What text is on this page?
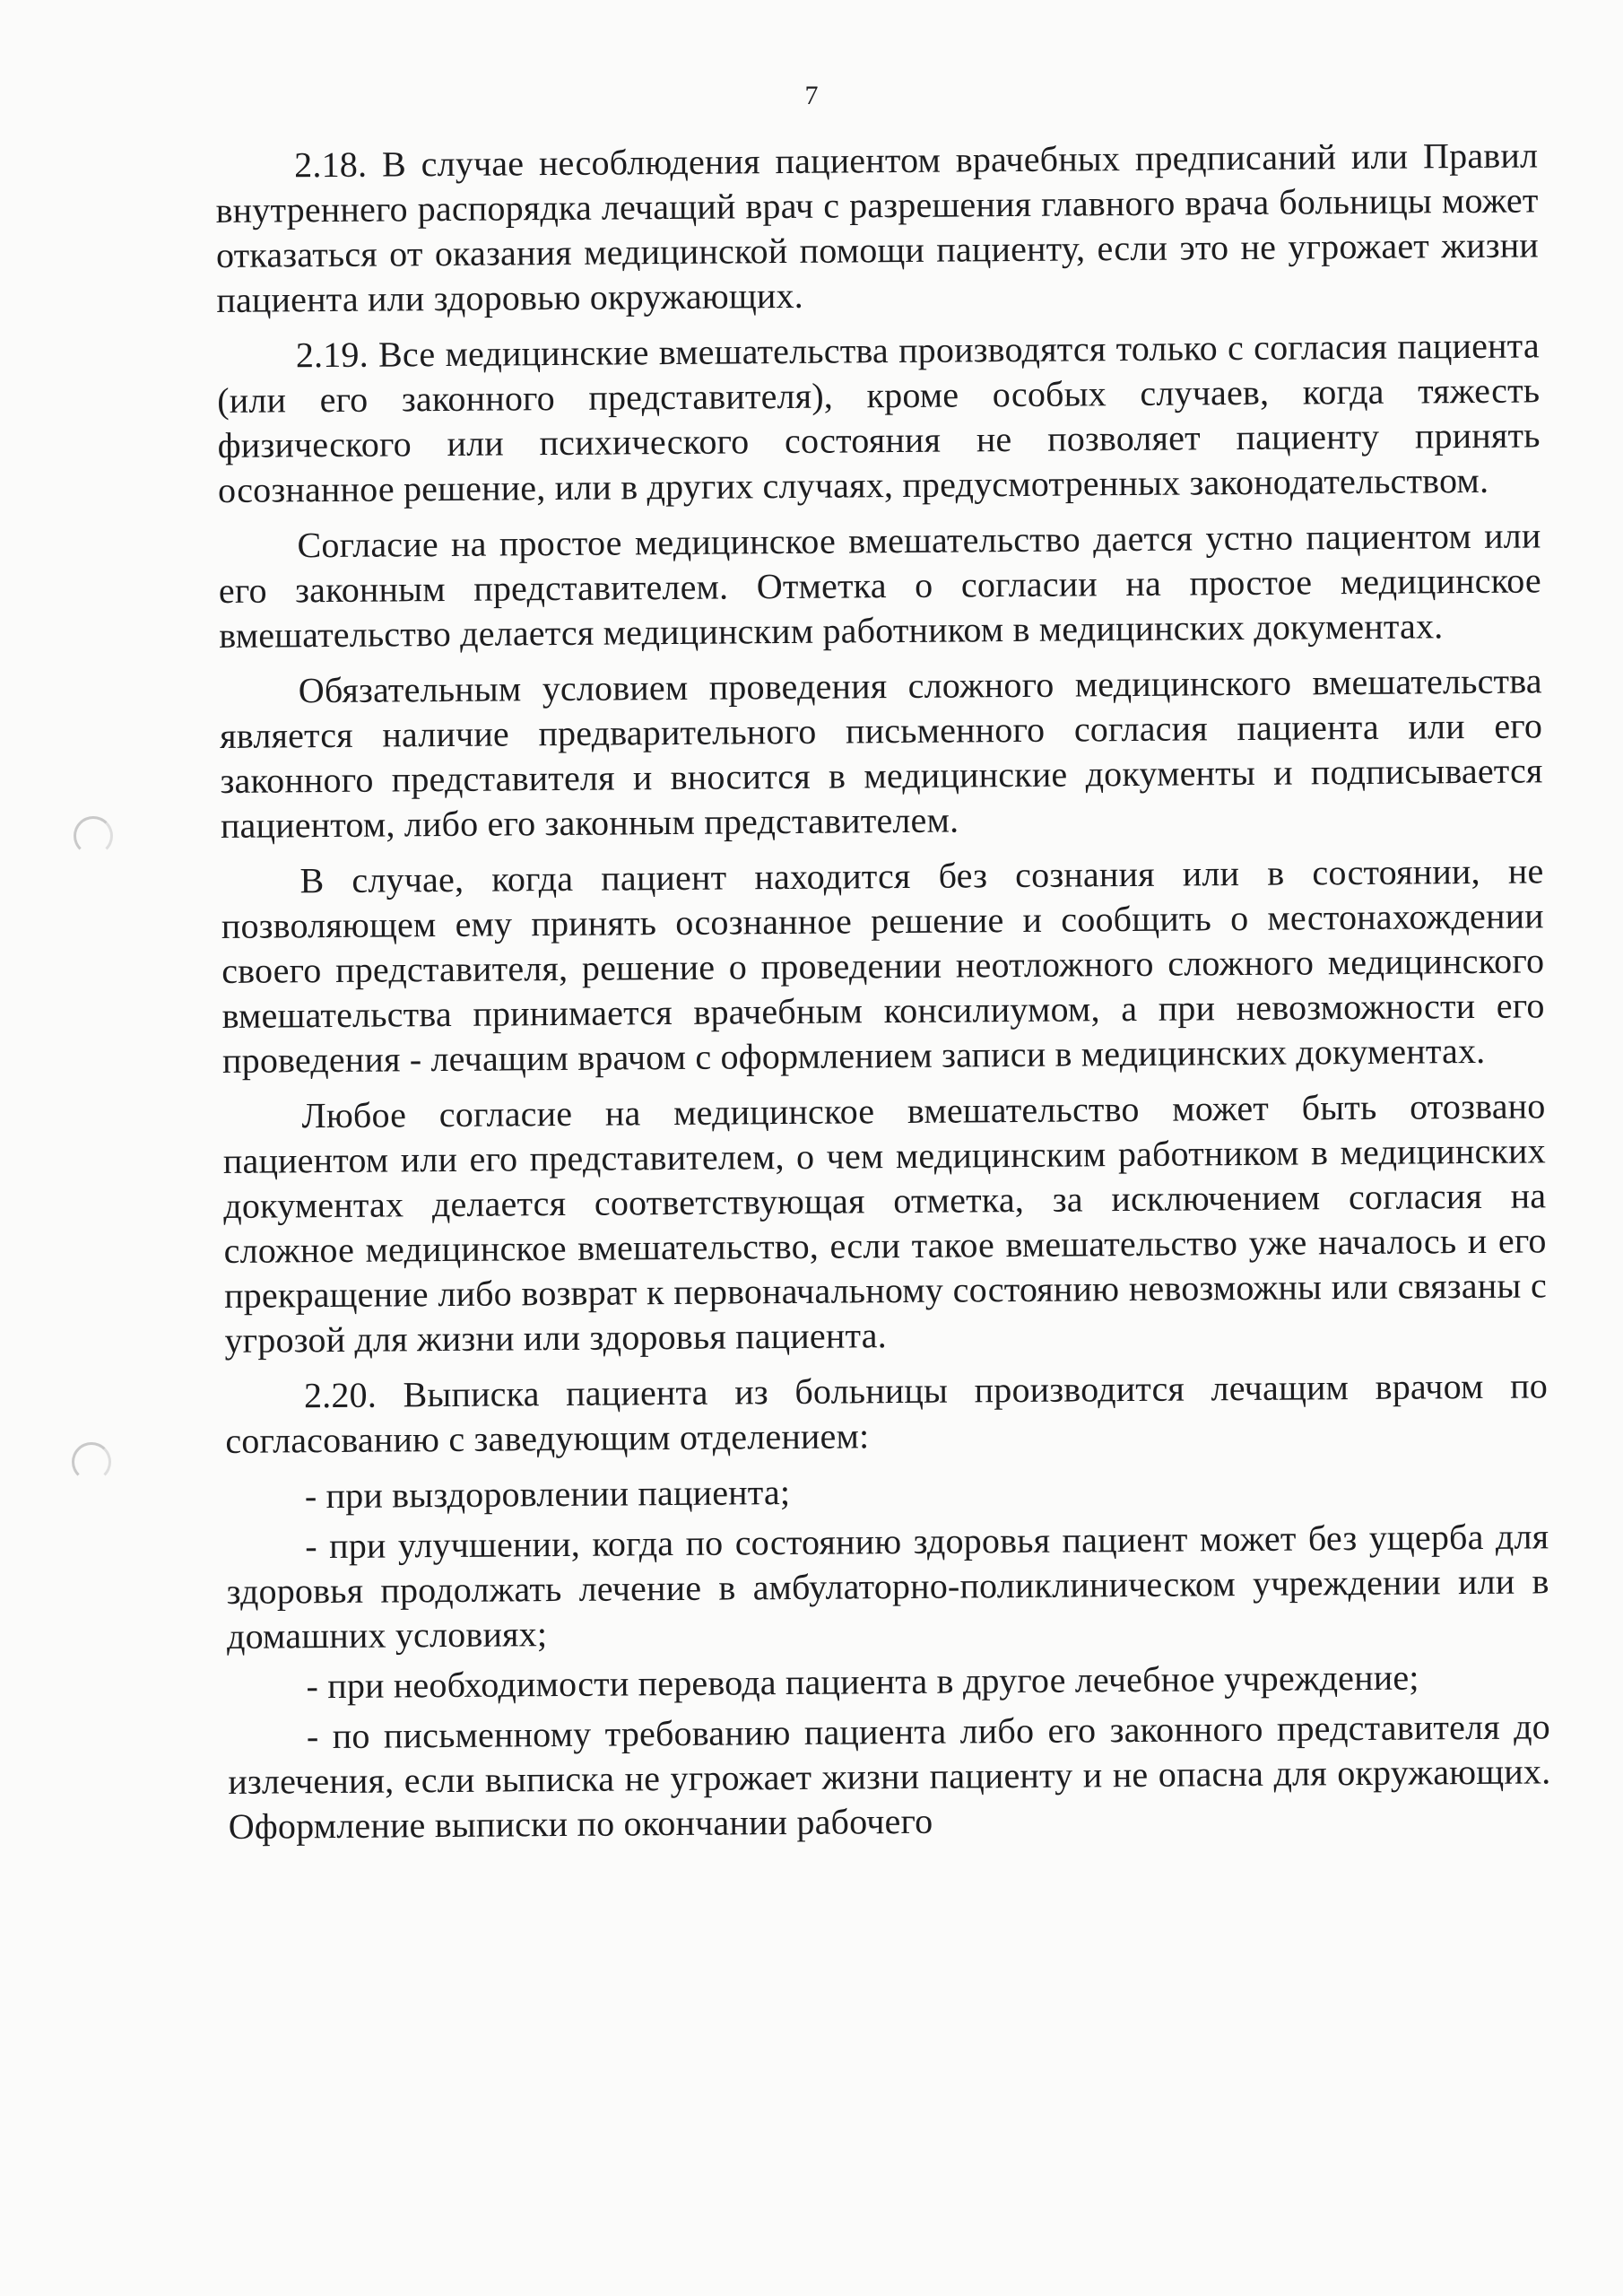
7

2.18. В случае несоблюдения пациентом врачебных предписаний или Правил внутреннего распорядка лечащий врач с разрешения главного врача больницы может отказаться от оказания медицинской помощи пациенту, если это не угрожает жизни пациента или здоровью окружающих.

2.19. Все медицинские вмешательства производятся только с согласия пациента (или его законного представителя), кроме особых случаев, когда тяжесть физического или психического состояния не позволяет пациенту принять осознанное решение, или в других случаях, предусмотренных законодательством.

Согласие на простое медицинское вмешательство дается устно пациентом или его законным представителем. Отметка о согласии на простое медицинское вмешательство делается медицинским работником в медицинских документах.

Обязательным условием проведения сложного медицинского вмешательства является наличие предварительного письменного согласия пациента или его законного представителя и вносится в медицинские документы и подписывается пациентом, либо его законным представителем.

В случае, когда пациент находится без сознания или в состоянии, не позволяющем ему принять осознанное решение и сообщить о местонахождении своего представителя, решение о проведении неотложного сложного медицинского вмешательства принимается врачебным консилиумом, а при невозможности его проведения - лечащим врачом с оформлением записи в медицинских документах.

Любое согласие на медицинское вмешательство может быть отозвано пациентом или его представителем, о чем медицинским работником в медицинских документах делается соответствующая отметка, за исключением согласия на сложное медицинское вмешательство, если такое вмешательство уже началось и его прекращение либо возврат к первоначальному состоянию невозможны или связаны с угрозой для жизни или здоровья пациента.

2.20. Выписка пациента из больницы производится лечащим врачом по согласованию с заведующим отделением:

- при выздоровлении пациента;

- при улучшении, когда по состоянию здоровья пациент может без ущерба для здоровья продолжать лечение в амбулаторно-поликлиническом учреждении или в домашних условиях;

- при необходимости перевода пациента в другое лечебное учреждение;

- по письменному требованию пациента либо его законного представителя до излечения, если выписка не угрожает жизни пациенту и не опасна для окружающих. Оформление выписки по окончании рабочего
